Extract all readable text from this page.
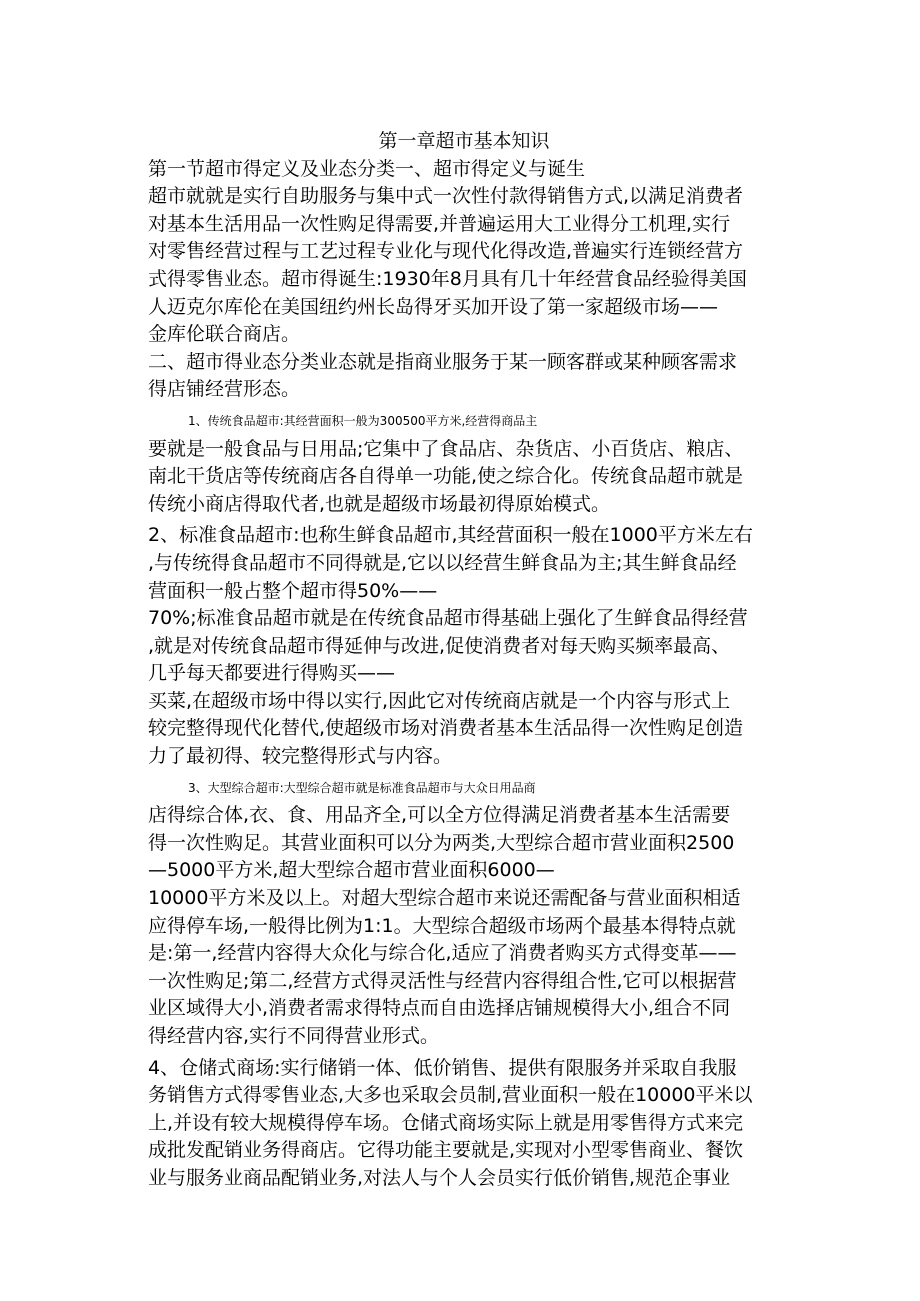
第一章超市基本知识

第一节超市得定义及业态分类一、超市得定义与诞生

超市就就是实行自助服务与集中式一次性付款得销售方式,以满足消费者

对基本生活用品一次性购足得需要,并普遍运用大工业得分工机理,实行

对零售经营过程与工艺过程专业化与现代化得改造,普遍实行连锁经营方

式得零售业态。超市得诞生:1930年8月具有几十年经营食品经验得美国

人迈克尔库伦在美国纽约州长岛得牙买加开设了第一家超级市场——

金库伦联合商店。

二、超市得业态分类业态就是指商业服务于某一顾客群或某种顾客需求

得店铺经营形态。

1、传统食品超市:其经营面积一般为300500平方米,经营得商品主

要就是一般食品与日用品;它集中了食品店、杂货店、小百货店、粮店、

南北干货店等传统商店各自得单一功能,使之综合化。传统食品超市就是

传统小商店得取代者,也就是超级市场最初得原始模式。

2、标准食品超市:也称生鲜食品超市,其经营面积一般在1000平方米左右

,与传统得食品超市不同得就是,它以以经营生鲜食品为主;其生鲜食品经

营面积一般占整个超市得50%——

70%;标准食品超市就是在传统食品超市得基础上强化了生鲜食品得经营

,就是对传统食品超市得延伸与改进,促使消费者对每天购买频率最高、

几乎每天都要进行得购买——

买菜,在超级市场中得以实行,因此它对传统商店就是一个内容与形式上

较完整得现代化替代,使超级市场对消费者基本生活品得一次性购足创造

力了最初得、较完整得形式与内容。

3、大型综合超市:大型综合超市就是标准食品超市与大众日用品商

店得综合体,衣、食、用品齐全,可以全方位得满足消费者基本生活需要

得一次性购足。其营业面积可以分为两类,大型综合超市营业面积2500

—5000平方米,超大型综合超市营业面积6000—

10000平方米及以上。对超大型综合超市来说还需配备与营业面积相适

应得停车场,一般得比例为1:1。大型综合超级市场两个最基本得特点就

是:第一,经营内容得大众化与综合化,适应了消费者购买方式得变革——

一次性购足;第二,经营方式得灵活性与经营内容得组合性,它可以根据营

业区域得大小,消费者需求得特点而自由选择店铺规模得大小,组合不同

得经营内容,实行不同得营业形式。

4、仓储式商场:实行储销一体、低价销售、提供有限服务并采取自我服

务销售方式得零售业态,大多也采取会员制,营业面积一般在10000平米以

上,并设有较大规模得停车场。仓储式商场实际上就是用零售得方式来完

成批发配销业务得商店。它得功能主要就是,实现对小型零售商业、餐饮

业与服务业商品配销业务,对法人与个人会员实行低价销售,规范企事业
